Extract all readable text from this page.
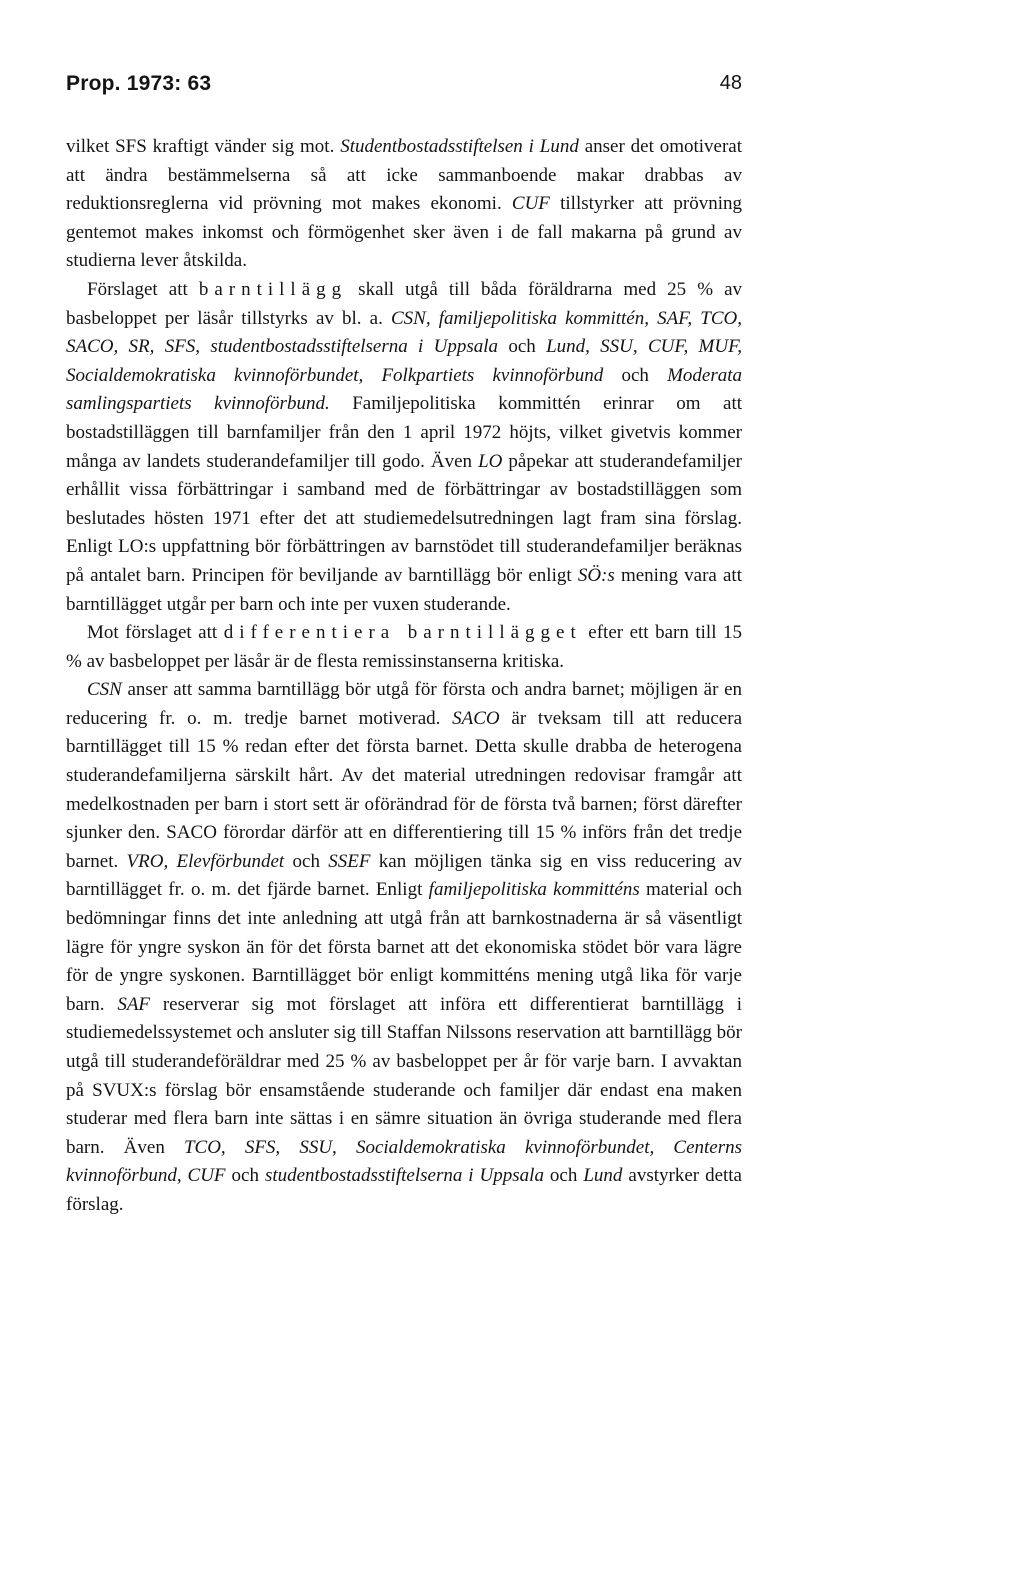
Prop. 1973: 63	48

vilket SFS kraftigt vänder sig mot. Studentbostadsstiftelsen i Lund anser det omotiverat att ändra bestämmelserna så att icke sammanboende makar drabbas av reduktionsreglerna vid prövning mot makes ekonomi. CUF tillstyrker att prövning gentemot makes inkomst och förmögenhet sker även i de fall makarna på grund av studierna lever åtskilda.

Förslaget att barntillägg skall utgå till båda föräldrarna med 25 % av basbeloppet per läsår tillstyrks av bl. a. CSN, familjepolitiska kommittén, SAF, TCO, SACO, SR, SFS, studentbostadsstiftelserna i Uppsala och Lund, SSU, CUF, MUF, Socialdemokratiska kvinnoförbundet, Folkpartiets kvinnoförbund och Moderata samlingspartiets kvinnoförbund. Familjepolitiska kommittén erinrar om att bostadstilläggen till barnfamiljer från den 1 april 1972 höjts, vilket givetvis kommer många av landets studerandefamiljer till godo. Även LO påpekar att studerandefamiljer erhållit vissa förbättringar i samband med de förbättringar av bostadstilläggen som beslutades hösten 1971 efter det att studiemedelsutredningen lagt fram sina förslag. Enligt LO:s uppfattning bör förbättringen av barnstödet till studerandefamiljer beräknas på antalet barn. Principen för beviljande av barntillägg bör enligt SÖ:s mening vara att barntillägget utgår per barn och inte per vuxen studerande.

Mot förslaget att differentiera barntillägget efter ett barn till 15 % av basbeloppet per läsår är de flesta remissinstanserna kritiska.

CSN anser att samma barntillägg bör utgå för första och andra barnet; möjligen är en reducering fr. o. m. tredje barnet motiverad. SACO är tveksam till att reducera barntillägget till 15 % redan efter det första barnet. Detta skulle drabba de heterogena studerandefamiljerna särskilt hårt. Av det material utredningen redovisar framgår att medelkostnaden per barn i stort sett är oförändrad för de första två barnen; först därefter sjunker den. SACO förordar därför att en differentiering till 15 % införs från det tredje barnet. VRO, Elevförbundet och SSEF kan möjligen tänka sig en viss reducering av barntillägget fr. o. m. det fjärde barnet. Enligt familjepolitiska kommitténs material och bedömningar finns det inte anledning att utgå från att barnkostnaderna är så väsentligt lägre för yngre syskon än för det första barnet att det ekonomiska stödet bör vara lägre för de yngre syskonen. Barntillägget bör enligt kommitténs mening utgå lika för varje barn. SAF reserverar sig mot förslaget att införa ett differentierat barntillägg i studiemedelssystemet och ansluter sig till Staffan Nilssons reservation att barntillägg bör utgå till studerandeföräldrar med 25 % av basbeloppet per år för varje barn. I avvaktan på SVUX:s förslag bör ensamstående studerande och familjer där endast ena maken studerar med flera barn inte sättas i en sämre situation än övriga studerande med flera barn. Även TCO, SFS, SSU, Socialdemokratiska kvinnoförbundet, Centerns kvinnoförbund, CUF och studentbostadsstiftelserna i Uppsala och Lund avstyrker detta förslag.
